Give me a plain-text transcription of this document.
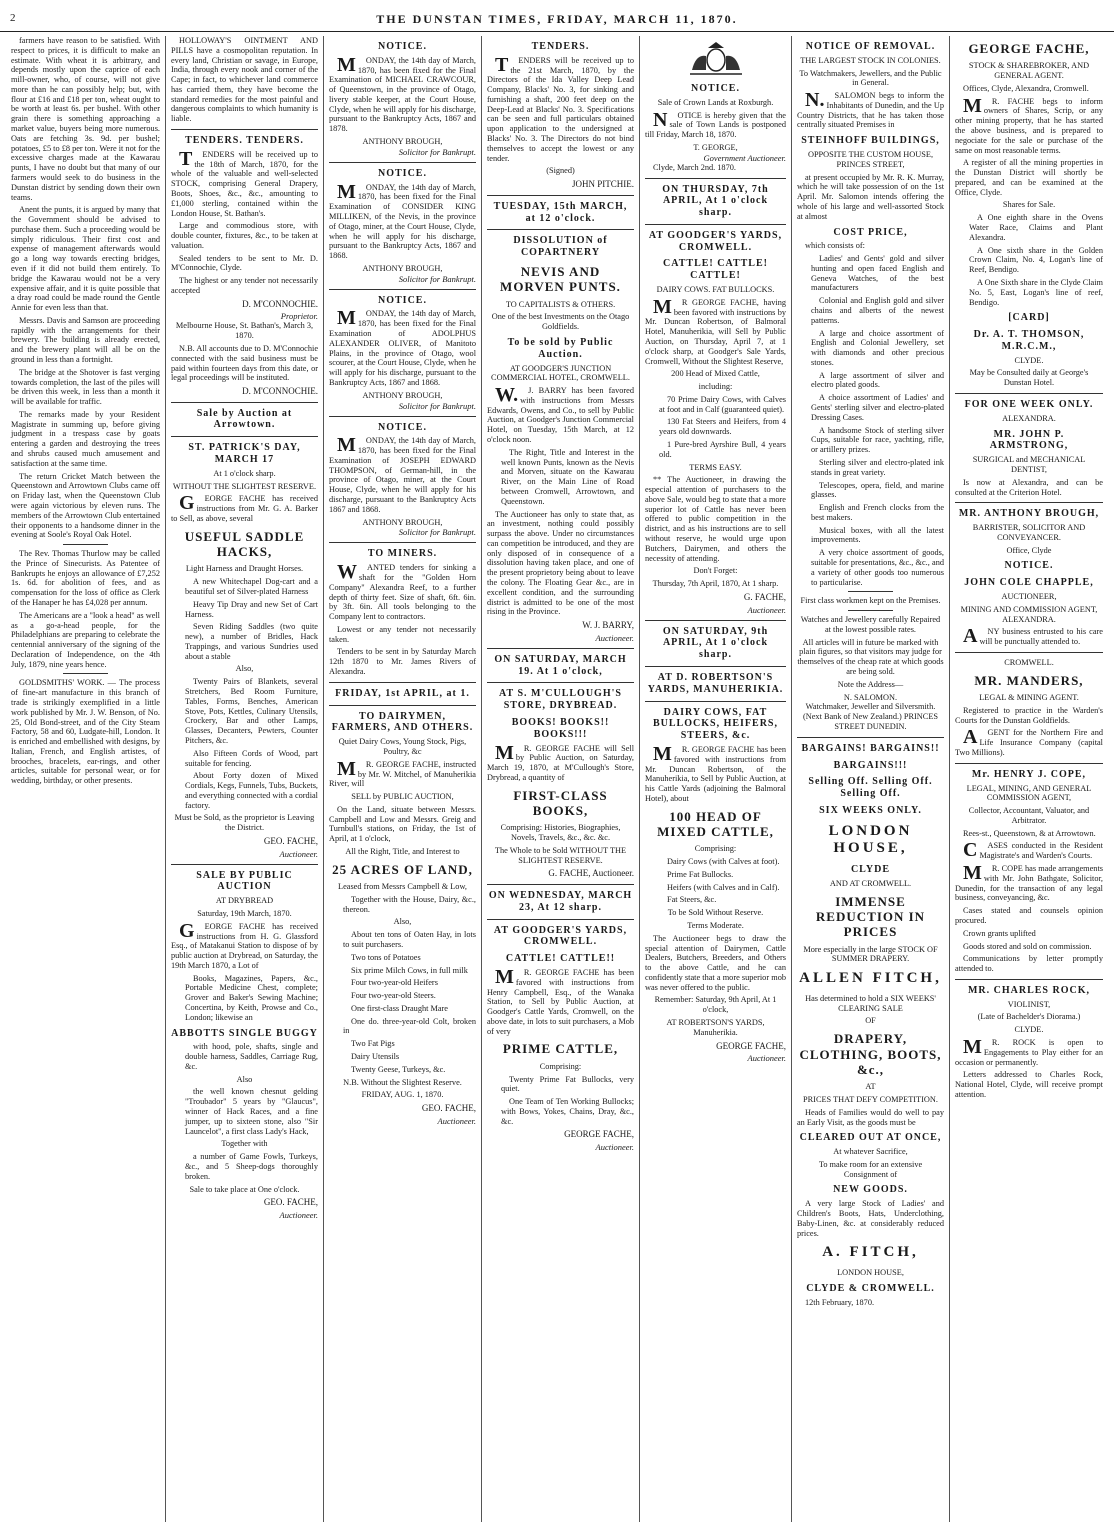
2	THE DUNSTAN TIMES, FRIDAY, MARCH 11, 1870.

farmers have reason to be satisfied. With respect to prices, it is difficult to make an estimate. With wheat it is arbitrary, and depends mostly upon the caprice of each mill-owner, who, of course, will not give more than he can possibly help; but, with flour at £16 and £18 per ton, wheat ought to be worth at least 6s. per bushel. With other grain there is something approaching a market value, buyers being more numerous. Oats are fetching 3s. 9d. per bushel; potatoes, £5 to £8 per ton. Were it not for the excessive charges made at the Kawarau punts, I have no doubt but that many of our farmers would seek to do business in the Dunstan district by sending down their own teams.

Anent the punts, it is argued by many that the Government should be advised to purchase them. Such a proceeding would be simply ridiculous. Their first cost and expense of management afterwards would go a long way towards erecting bridges, even if it did not build them entirely. To bridge the Kawarau would not be a very expensive affair, and it is quite possible that a dray road could be made round the Gentle Annie for even less than that.

Messrs. Davis and Samson are proceeding rapidly with the arrangements for their brewery. The building is already erected, and the brewery plant will all be on the ground in less than a fortnight.

The bridge at the Shotover is fast verging towards completion, the last of the piles will be driven this week, in less than a month it will be available for traffic.

The remarks made by your Resident Magistrate in summing up, before giving judgment in a trespass case by goats entering a garden and destroying the trees and shrubs caused much amusement and satisfaction at the same time.

The return Cricket Match between the Queenstown and Arrowtown Clubs came off on Friday last, when the Queenstown Club were again victorious by eleven runs. The members of the Arrowtown Club entertained their opponents to a handsome dinner in the evening at Soole's Royal Oak Hotel.

The Rev. Thomas Thurlow may be called the Prince of Sinecurists. As Patentee of Bankrupts he enjoys an allowance of £7,252 1s. 6d. for abolition of fees, and as compensation for the loss of office as Clerk of the Hanaper he has £4,028 per annum.

The Americans are a "look a head" as well as a go-a-head people, for the Philadelphians are preparing to celebrate the centennial anniversary of the signing of the Declaration of Independence, on the 4th July, 1879, nine years hence.

GOLDSMITHS' WORK. — The process of fine-art manufacture in this branch of trade is strikingly exemplified in a little work published by Mr. J. W. Benson, of No. 25, Old Bond-street, and of the City Steam Factory, 58 and 60, Ludgate-hill, London. It is enriched and embellished with designs, by Italian, French, and English artistes, of brooches, bracelets, ear-rings, and other articles, suitable for personal wear, or for wedding, birthday, or other presents.

HOLLOWAY'S OINTMENT AND PILLS have a cosmopolitan reputation. In every land, Christian or savage, in Europe, India, through every nook and corner of the Cape; in fact, to whichever land commerce has carried them, they have become the standard remedies for the most painful and dangerous complaints to which humanity is liable.

TENDERS. TENDERS.

TENDERS will be received up to the 18th of March, 1870, for the whole of the valuable and well-selected STOCK, comprising General Drapery, Boots, Shoes, &c., &c., amounting to £1,000 sterling, contained within the London House, St. Bathan's.

Large and commodious store, with double counter, fixtures, &c., to be taken at valuation.

Sealed tenders to be sent to Mr. D. M'Connochie, Clyde.

The highest or any tender not necessarily accepted

D. M'CONNOCHIE.
Proprietor.

Melbourne House, St. Bathan's, March 3, 1870.

N.B. All accounts due to D. M'Connochie connected with the said business must be paid within fourteen days from this date, or legal proceedings will be instituted.

D. M'CONNOCHIE.
Sale by Auction at Arrowtown.
ST. PATRICK'S DAY, MARCH 17

At 1 o'clock sharp.

WITHOUT THE SLIGHTEST RESERVE.

GEORGE FACHE has received instructions from Mr. G. A. Barker to Sell, as above, several

USEFUL SADDLE HACKS,

Light Harness and Draught Horses.

A new Whitechapel Dog-cart and a beautiful set of Silver-plated Harness

Heavy Tip Dray and new Set of Cart Harness.

Seven Riding Saddles (two quite new), a number of Bridles, Hack Trappings, and various Sundries used about a stable

Also,

Twenty Pairs of Blankets, several Stretchers, Bed Room Furniture, Tables, Forms, Benches, American Stove, Pots, Kettles, Culinary Utensils, Crockery, Bar and other Lamps, Glasses, Decanters, Pewters, Counter Pitchers, &c.

Also Fifteen Cords of Wood, part suitable for fencing.

About Forty dozen of Mixed Cordials, Kegs, Funnels, Tubs, Buckets, and everything connected with a cordial factory.

Must be Sold, as the proprietor is Leaving the District.

GEO. FACHE,
Auctioneer.
SALE BY PUBLIC AUCTION

AT DRYBREAD

Saturday, 19th March, 1870.

GEORGE FACHE has received instructions from H. G. Glassford Esq., of Matakanui Station to dispose of by public auction at Drybread, on Saturday, the 19th March 1870, a Lot of

Books, Magazines, Papers, &c., Portable Medicine Chest, complete; Grover and Baker's Sewing Machine; Concertina, by Keith, Prowse and Co., London; likewise an

ABBOTTS SINGLE BUGGY

with hood, pole, shafts, single and double harness, Saddles, Carriage Rug, &c.

Also

the well known chesnut gelding "Troubador" 5 years by "Glaucus", winner of Hack Races, and a fine jumper, up to sixteen stone, also "Sir Launcelot", a first class Lady's Hack,

Together with

a number of Game Fowls, Turkeys, &c., and 5 Sheep-dogs thoroughly broken.

Sale to take place at One o'clock.

GEO. FACHE,
Auctioneer.
NOTICE.

MONDAY, the 14th day of March, 1870, has been fixed for the Final Examination of MICHAEL CRAWCOUR, of Queenstown, in the province of Otago, livery stable keeper, at the Court House, Clyde, when he will apply for his discharge, pursuant to the Bankruptcy Acts, 1867 and 1878.

ANTHONY BROUGH,
Solicitor for Bankrupt.
NOTICE.

MONDAY, the 14th day of March, 1870, has been fixed for the Final Examination of CONSIDER KING MILLIKEN, of the Nevis, in the province of Otago, miner, at the Court House, Clyde, when he will apply for his discharge, pursuant to the Bankruptcy Acts, 1867 and 1868.

ANTHONY BROUGH,
Solicitor for Bankrupt.
NOTICE.

MONDAY, the 14th day of March, 1870, has been fixed for the Final Examination of ADOLPHUS ALEXANDER OLIVER, of Manitoto Plains, in the province of Otago, wool scourer, at the Court House, Clyde, when he will apply for his discharge, pursuant to the Bankruptcy Acts, 1867 and 1868.

ANTHONY BROUGH,
Solicitor for Bankrupt.
NOTICE.

MONDAY, the 14th day of March, 1870, has been fixed for the Final Examination of JOSEPH EDWARD THOMPSON, of German-hill, in the province of Otago, miner, at the Court House, Clyde, when he will apply for his discharge, pursuant to the Bankruptcy Acts 1867 and 1868.

ANTHONY BROUGH,
Solicitor for Bankrupt.
TO MINERS.

WANTED tenders for sinking a shaft for the "Golden Horn Company" Alexandra Reef, to a further depth of thirty feet. Size of shaft, 6ft. 6in. by 3ft. 6in. All tools belonging to the Company lent to contractors.

Lowest or any tender not necessarily taken.

Tenders to be sent in by Saturday March 12th 1870 to Mr. James Rivers of Alexandra.

FRIDAY, 1st APRIL, at 1.
TO DAIRYMEN, FARMERS, AND OTHERS.

Quiet Dairy Cows, Young Stock, Pigs, Poultry, &c

MR. GEORGE FACHE, instructed by Mr. W. Mitchel, of Manuherikia River, will

SELL by PUBLIC AUCTION,

On the Land, situate between Messrs. Campbell and Low and Messrs. Greig and Turnbull's stations, on Friday, the 1st of April, at 1 o'clock,

All the Right, Title, and Interest to

25 ACRES OF LAND,

Leased from Messrs Campbell & Low,

Together with the House, Dairy, &c., thereon.

Also,

About ten tons of Oaten Hay, in lots to suit purchasers.

Two tons of Potatoes

Six prime Milch Cows, in full milk

Four two-year-old Heifers

Four two-year-old Steers.

One first-class Draught Mare

One do. three-year-old Colt, broken in

Two Fat Pigs

Dairy Utensils

Twenty Geese, Turkeys, &c.

N.B. Without the Slightest Reserve.

FRIDAY, AUG. 1, 1870.

GEO. FACHE,
Auctioneer.
TENDERS.

TENDERS will be received up to the 21st March, 1870, by the Directors of the Ida Valley Deep Lead Company, Blacks' No. 3, for sinking and furnishing a shaft, 200 feet deep on the Deep-Lead at Blacks' No. 3. Specifications can be seen and full particulars obtained upon application to the undersigned at Blacks' No. 3. The Directors do not bind themselves to accept the lowest or any tender.

(Signed)

JOHN PITCHIE.
TUESDAY, 15th MARCH, at 12 o'clock.
DISSOLUTION of COPARTNERY
NEVIS AND MORVEN PUNTS.

TO CAPITALISTS & OTHERS.

One of the best Investments on the Otago Goldfields.

To be sold by Public Auction.

AT GOODGER'S JUNCTION COMMERCIAL HOTEL, CROMWELL.

W.J. BARRY has been favored with instructions from Messrs Edwards, Owens, and Co., to sell by Public Auction, at Goodger's Junction Commercial Hotel, on Tuesday, 15th March, at 12 o'clock noon.

The Right, Title and Interest in the well known Punts, known as the Nevis and Morven, situate on the Kawarau River, on the Main Line of Road between Cromwell, Arrowtown, and Queenstown.

The Auctioneer has only to state that, as an investment, nothing could possibly surpass the above. Under no circumstances can competition be introduced, and they are only disposed of in consequence of a dissolution having taken place, and one of the present proprietory being about to leave the colony. The Floating Gear &c., are in excellent condition, and the surrounding district is admitted to be one of the most rising in the Province.

W. J. BARRY,
Auctioneer.
ON SATURDAY, MARCH 19. At 1 o'clock,
AT S. M'CULLOUGH'S STORE, DRYBREAD.
BOOKS! BOOKS!! BOOKS!!!

MR. GEORGE FACHE will Sell by Public Auction, on Saturday, March 19, 1870, at M'Cullough's Store, Drybread, a quantity of

FIRST-CLASS BOOKS,

Comprising: Histories, Biographies, Novels, Travels, &c., &c. &c.

The Whole to be Sold WITHOUT THE SLIGHTEST RESERVE.

G. FACHE, Auctioneer.
ON WEDNESDAY, MARCH 23, At 12 sharp.
AT GOODGER'S YARDS, CROMWELL.
CATTLE! CATTLE!!

MR. GEORGE FACHE has been favored with instructions from Henry Campbell, Esq., of the Wanaka Station, to Sell by Public Auction, at Goodger's Cattle Yards, Cromwell, on the above date, in lots to suit purchasers, a Mob of very

PRIME CATTLE,

Comprising:

Twenty Prime Fat Bullocks, very quiet.

One Team of Ten Working Bullocks; with Bows, Yokes, Chains, Dray, &c., &c.

GEORGE FACHE,
Auctioneer.
NOTICE.

Sale of Crown Lands at Roxburgh.

NOTICE is hereby given that the sale of Town Lands is postponed till Friday, March 18, 1870.

T. GEORGE,
Government Auctioneer.

Clyde, March 2nd. 1870.

ON THURSDAY, 7th APRIL, At 1 o'clock sharp.
AT GOODGER'S YARDS, CROMWELL.
CATTLE! CATTLE! CATTLE!

DAIRY COWS. FAT BULLOCKS.

MR GEORGE FACHE, having been favored with instructions by Mr. Duncan Robertson, of Balmoral Hotel, Manuherikia, will Sell by Public Auction, on Thursday, April 7, at 1 o'clock sharp, at Goodger's Sale Yards, Cromwell, Without the Slightest Reserve,

200 Head of Mixed Cattle,

including:

70 Prime Dairy Cows, with Calves at foot and in Calf (guaranteed quiet).

130 Fat Steers and Heifers, from 4 years old downwards.

1 Pure-bred Ayrshire Bull, 4 years old.

TERMS EASY.

** The Auctioneer, in drawing the especial attention of purchasers to the above Sale, would beg to state that a more superior lot of Cattle has never been offered to public competition in the district, and as his instructions are to sell without reserve, he would urge upon Butchers, Dairymen, and others the necessity of attending.

Don't Forget:

Thursday, 7th April, 1870, At 1 sharp.

G. FACHE,
Auctioneer.
ON SATURDAY, 9th APRIL, At 1 o'clock sharp.
AT D. ROBERTSON'S YARDS, MANUHERIKIA.
DAIRY COWS, FAT BULLOCKS, HEIFERS, STEERS, &c.

MR. GEORGE FACHE has been favored with instructions from Mr. Duncan Robertson, of the Manuherikia, to Sell by Public Auction, at his Cattle Yards (adjoining the Balmoral Hotel), about

100 HEAD OF MIXED CATTLE,

Comprising:

Dairy Cows (with Calves at foot).

Prime Fat Bullocks.

Heifers (with Calves and in Calf).

Fat Steers, &c.

To be Sold Without Reserve.

Terms Moderate.

The Auctioneer begs to draw the special attention of Dairymen, Cattle Dealers, Butchers, Breeders, and Others to the above Cattle, and he can confidently state that a more superior mob was never offered to the public.

Remember: Saturday, 9th April, At 1 o'clock,

AT ROBERTSON'S YARDS, Manuherikia.

GEORGE FACHE,
Auctioneer.
NOTICE OF REMOVAL.

THE LARGEST STOCK IN COLONIES.

To Watchmakers, Jewellers, and the Public in General.

N.SALOMON begs to inform the Inhabitants of Dunedin, and the Up Country Districts, that he has taken those centrally situated Premises in

STEINHOFF BUILDINGS,

OPPOSITE THE CUSTOM HOUSE, PRINCES STREET,

at present occupied by Mr. R. K. Murray, which he will take possession of on the 1st April. Mr. Salomon intends offering the whole of his large and well-assorted Stock at almost

COST PRICE,

which consists of:

Ladies' and Gents' gold and silver hunting and open faced English and Geneva Watches, of the best manufacturers

Colonial and English gold and silver chains and alberts of the newest patterns.

A large and choice assortment of English and Colonial Jewellery, set with diamonds and other precious stones.

A large assortment of silver and electro plated goods.

A choice assortment of Ladies' and Gents' sterling silver and electro-plated Dressing Cases.

A handsome Stock of sterling silver Cups, suitable for race, yachting, rifle, or artillery prizes.

Sterling silver and electro-plated ink stands in great variety.

Telescopes, opera, field, and marine glasses.

English and French clocks from the best makers.

Musical boxes, with all the latest improvements.

A very choice assortment of goods, suitable for presentations, &c., &c., and a variety of other goods too numerous to particularise.

First class workmen kept on the Premises.

Watches and Jewellery carefully Repaired at the lowest possible rates.

All articles will in future be marked with plain figures, so that visitors may judge for themselves of the cheap rate at which goods are being sold.

Note the Address—

N. SALOMON.

Watchmaker, Jeweller and Silversmith. (Next Bank of New Zealand.) PRINCES STREET DUNEDIN.

BARGAINS! BARGAINS!!
BARGAINS!!!
Selling Off. Selling Off. Selling Off.
SIX WEEKS ONLY.
LONDON HOUSE,
CLYDE

AND AT CROMWELL.

IMMENSE REDUCTION IN PRICES

More especially in the large STOCK OF SUMMER DRAPERY.

ALLEN FITCH,

Has determined to hold a SIX WEEKS' CLEARING SALE

OF

DRAPERY, CLOTHING, BOOTS, &c.,

AT

PRICES THAT DEFY COMPETITION.

Heads of Families would do well to pay an Early Visit, as the goods must be

CLEARED OUT AT ONCE,

At whatever Sacrifice,

To make room for an extensive Consignment of

NEW GOODS.

A very large Stock of Ladies' and Children's Boots, Hats, Underclothing, Baby-Linen, &c. at considerably reduced prices.

A. FITCH,

LONDON HOUSE,

CLYDE & CROMWELL.

12th February, 1870.

GEORGE FACHE,

STOCK & SHAREBROKER, AND GENERAL AGENT.

Offices, Clyde, Alexandra, Cromwell.

MR. FACHE begs to inform owners of Shares, Scrip, or any other mining property, that he has started the above business, and is prepared to negociate for the sale or purchase of the same on most reasonable terms.

A register of all the mining properties in the Dunstan District will shortly be prepared, and can be examined at the Office, Clyde.

Shares for Sale.

A One eighth share in the Ovens Water Race, Claims and Plant Alexandra.

A One sixth share in the Golden Crown Claim, No. 4, Logan's line of Reef, Bendigo.

A One Sixth share in the Clyde Claim No. 5, East, Logan's line of reef, Bendigo.

[CARD]
Dr. A. T. THOMSON, M.R.C.M.,

CLYDE.

May be Consulted daily at George's Dunstan Hotel.

FOR ONE WEEK ONLY.

ALEXANDRA.

MR. JOHN P. ARMSTRONG,

SURGICAL and MECHANICAL DENTIST,

Is now at Alexandra, and can be consulted at the Criterion Hotel.

MR. ANTHONY BROUGH,

BARRISTER, SOLICITOR AND CONVEYANCER.

Office, Clyde

NOTICE.
JOHN COLE CHAPPLE,

AUCTIONEER,

MINING AND COMMISSION AGENT, ALEXANDRA.

ANY business entrusted to his care will be punctually attended to.

CROMWELL.

MR. MANDERS,

LEGAL & MINING AGENT.

Registered to practice in the Warden's Courts for the Dunstan Goldfields.

AGENT for the Northern Fire and Life Insurance Company (capital Two Millions).

Mr. HENRY J. COPE,

LEGAL, MINING, AND GENERAL COMMISSION AGENT,

Collector, Accountant, Valuator, and Arbitrator.

Rees-st., Queenstown, & at Arrowtown.

CASES conducted in the Resident Magistrate's and Warden's Courts.

MR. COPE has made arrangements with Mr. John Bathgate, Solicitor, Dunedin, for the transaction of any legal business, conveyancing, &c.

Cases stated and counsels opinion procured.

Crown grants uplifted

Goods stored and sold on commission.

Communications by letter promptly attended to.

MR. CHARLES ROCK,

VIOLINIST,

(Late of Bachelder's Diorama.)

CLYDE.

MR. ROCK is open to Engagements to Play either for an occasion or permanently.

Letters addressed to Charles Rock, National Hotel, Clyde, will receive prompt attention.
